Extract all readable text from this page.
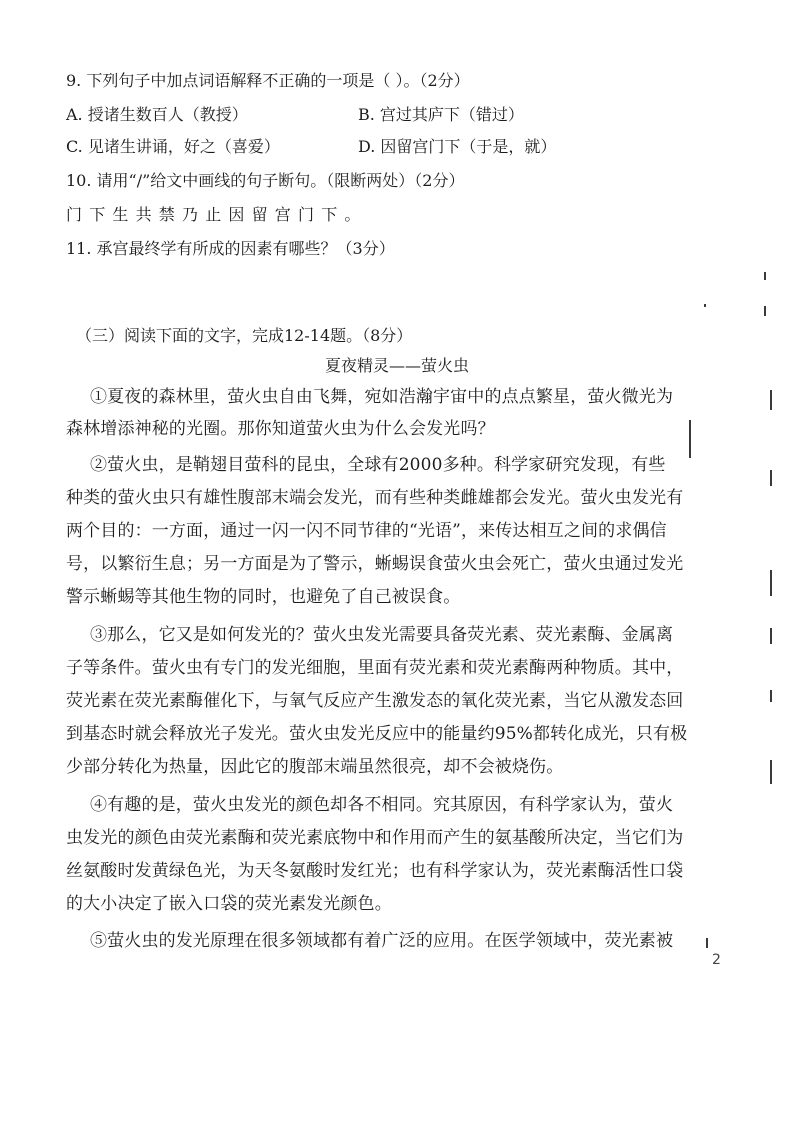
9. 下列句子中加点词语解释不正确的一项是（ ）。（2分）
A. 授诸生数百人（教授）	B. 宫过其庐下（错过）
C. 见诸生讲诵，好之（喜爱）	D. 因留宫门下（于是，就）
10. 请用“/”给文中画线的句子断句。（限断两处）（2分）
门下生共禁乃止因留宫门下。
11. 承宫最终学有所成的因素有哪些？（3分）
（三）阅读下面的文字，完成12-14题。（8分）
夏夜精灵——萤火虫
①夏夜的森林里，萤火虫自由飞舞，宛如浩瀚宇宙中的点点繁星，萤火微光为
森林增添神秘的光圈。那你知道萤火虫为什么会发光吗？
②萤火虫，是鞘翅目萤科的昆虫，全球有2000多种。科学家研究发现，有些
种类的萤火虫只有雄性腹部末端会发光，而有些种类雌雄都会发光。萤火虫发光有
两个目的：一方面，通过一闪一闪不同节律的“光语”，来传达相互之间的求偶信
号，以繁衍生息；另一方面是为了警示，蜥蜴误食萤火虫会死亡，萤火虫通过发光
警示蜥蜴等其他生物的同时，也避免了自己被误食。
③那么，它又是如何发光的？萤火虫发光需要具备荧光素、荧光素酶、金属离
子等条件。萤火虫有专门的发光细胞，里面有荧光素和荧光素酶两种物质。其中，
荧光素在荧光素酶催化下，与氧气反应产生激发态的氧化荧光素，当它从激发态回
到基态时就会释放光子发光。萤火虫发光反应中的能量约95%都转化成光，只有极
少部分转化为热量，因此它的腹部末端虽然很亮，却不会被烧伤。
④有趣的是，萤火虫发光的颜色却各不相同。究其原因，有科学家认为，萤火
虫发光的颜色由荧光素酶和荧光素底物中和作用而产生的氨基酸所决定，当它们为
丝氨酸时发黄绿色光，为天冬氨酸时发红光；也有科学家认为，荧光素酶活性口袋
的大小决定了嵌入口袋的荧光素发光颜色。
⑤萤火虫的发光原理在很多领域都有着广泛的应用。在医学领域中，荧光素被
2
